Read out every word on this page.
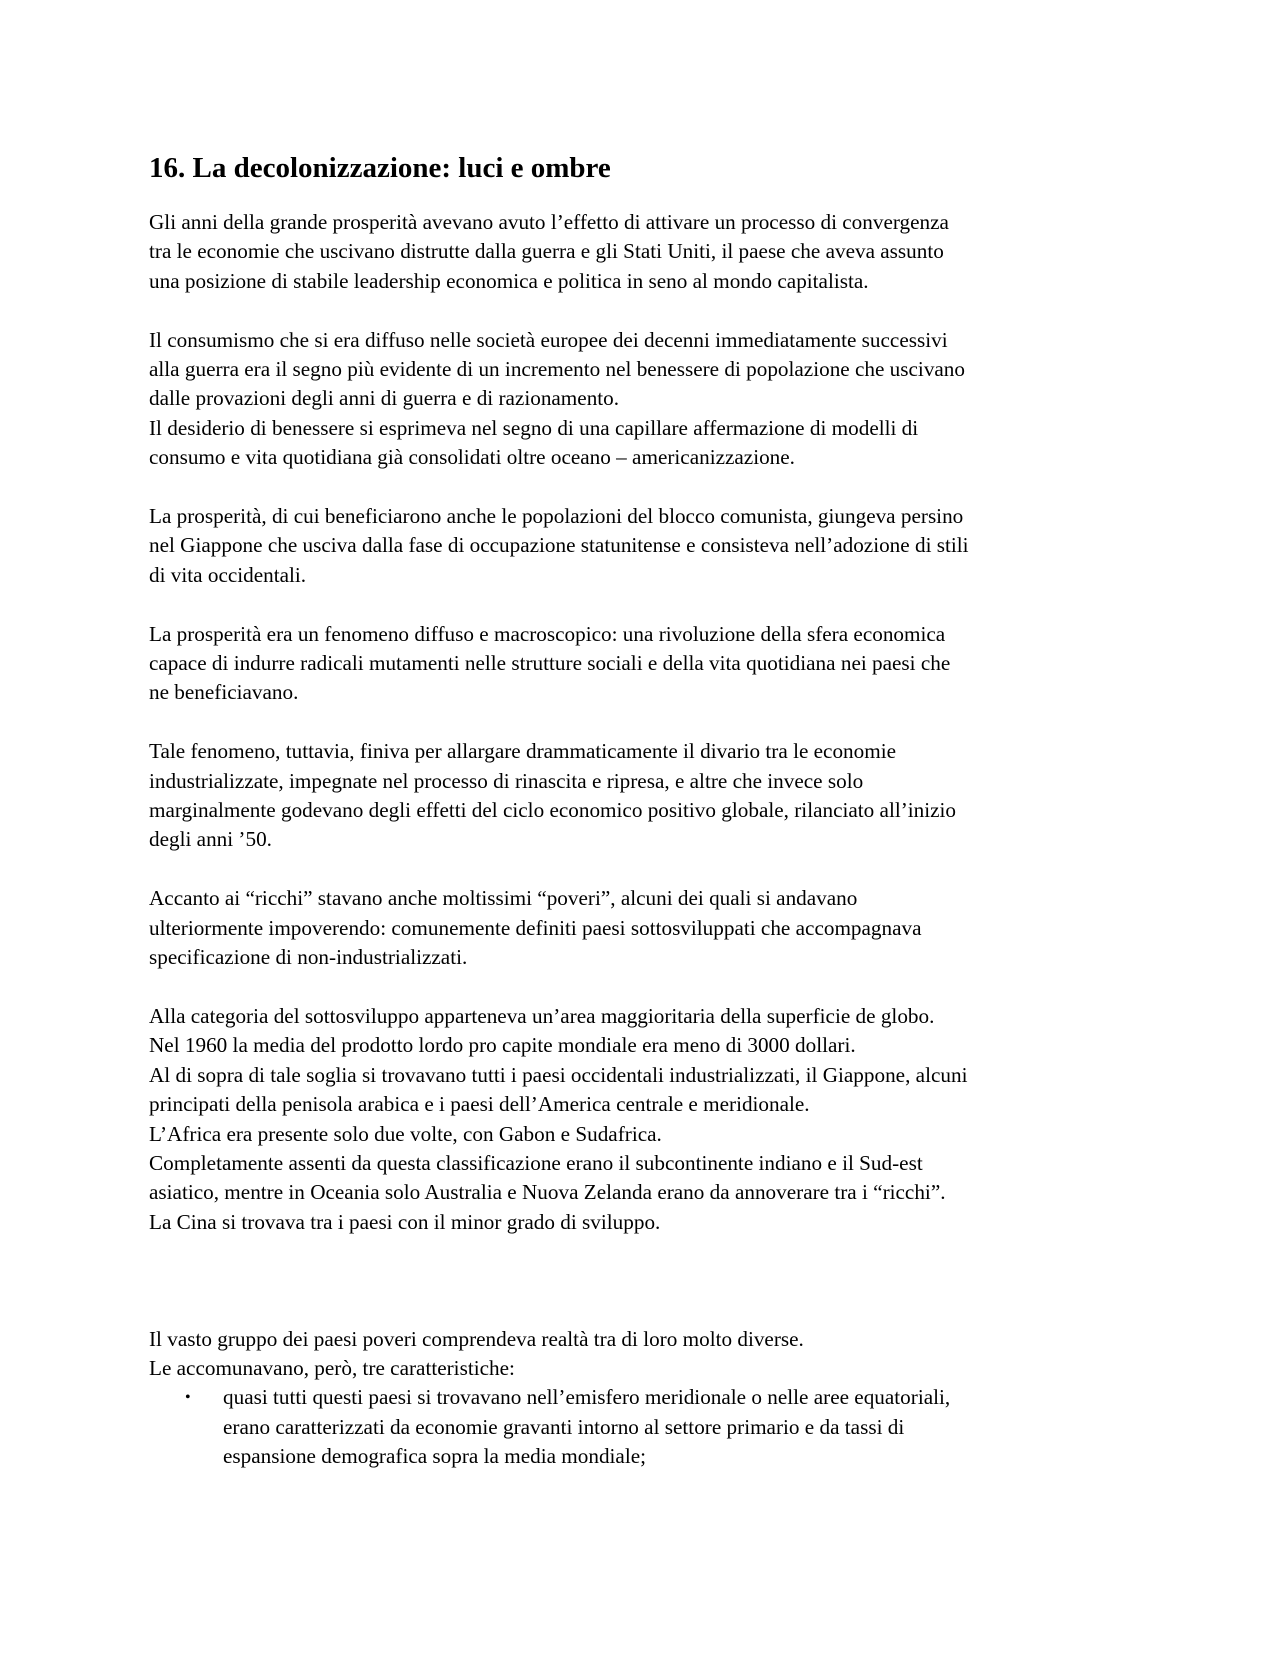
16. La decolonizzazione: luci e ombre

Gli anni della grande prosperità avevano avuto l’effetto di attivare un processo di convergenza
tra le economie che uscivano distrutte dalla guerra e gli Stati Uniti, il paese che aveva assunto
una posizione di stabile leadership economica e politica in seno al mondo capitalista.

Il consumismo che si era diffuso nelle società europee dei decenni immediatamente successivi
alla guerra era il segno più evidente di un incremento nel benessere di popolazione che uscivano
dalle provazioni degli anni di guerra e di razionamento.
Il desiderio di benessere si esprimeva nel segno di una capillare affermazione di modelli di
consumo e vita quotidiana già consolidati oltre oceano – americanizzazione.

La prosperità, di cui beneficiarono anche le popolazioni del blocco comunista, giungeva persino
nel Giappone che usciva dalla fase di occupazione statunitense e consisteva nell’adozione di stili
di vita occidentali.

La prosperità era un fenomeno diffuso e macroscopico: una rivoluzione della sfera economica
capace di indurre radicali mutamenti nelle strutture sociali e della vita quotidiana nei paesi che
ne beneficiavano.

Tale fenomeno, tuttavia, finiva per allargare drammaticamente il divario tra le economie
industrializzate, impegnate nel processo di rinascita e ripresa, e altre che invece solo
marginalmente godevano degli effetti del ciclo economico positivo globale, rilanciato all’inizio
degli anni ’50.

Accanto ai “ricchi” stavano anche moltissimi “poveri”, alcuni dei quali si andavano
ulteriormente impoverendo: comunemente definiti paesi sottosviluppati che accompagnava
specificazione di non-industrializzati.

Alla categoria del sottosviluppo apparteneva un’area maggioritaria della superficie de globo.
Nel 1960 la media del prodotto lordo pro capite mondiale era meno di 3000 dollari.
Al di sopra di tale soglia si trovavano tutti i paesi occidentali industrializzati, il Giappone, alcuni
principati della penisola arabica e i paesi dell’America centrale e meridionale.
L’Africa era presente solo due volte, con Gabon e Sudafrica.
Completamente assenti da questa classificazione erano il subcontinente indiano e il Sud-est
asiatico, mentre in Oceania solo Australia e Nuova Zelanda erano da annoverare tra i “ricchi”.
La Cina si trovava tra i paesi con il minor grado di sviluppo.

Il vasto gruppo dei paesi poveri comprendeva realtà tra di loro molto diverse.
Le accomunavano, però, tre caratteristiche:

• quasi tutti questi paesi si trovavano nell’emisfero meridionale o nelle aree equatoriali,
erano caratterizzati da economie gravanti intorno al settore primario e da tassi di
espansione demografica sopra la media mondiale;
